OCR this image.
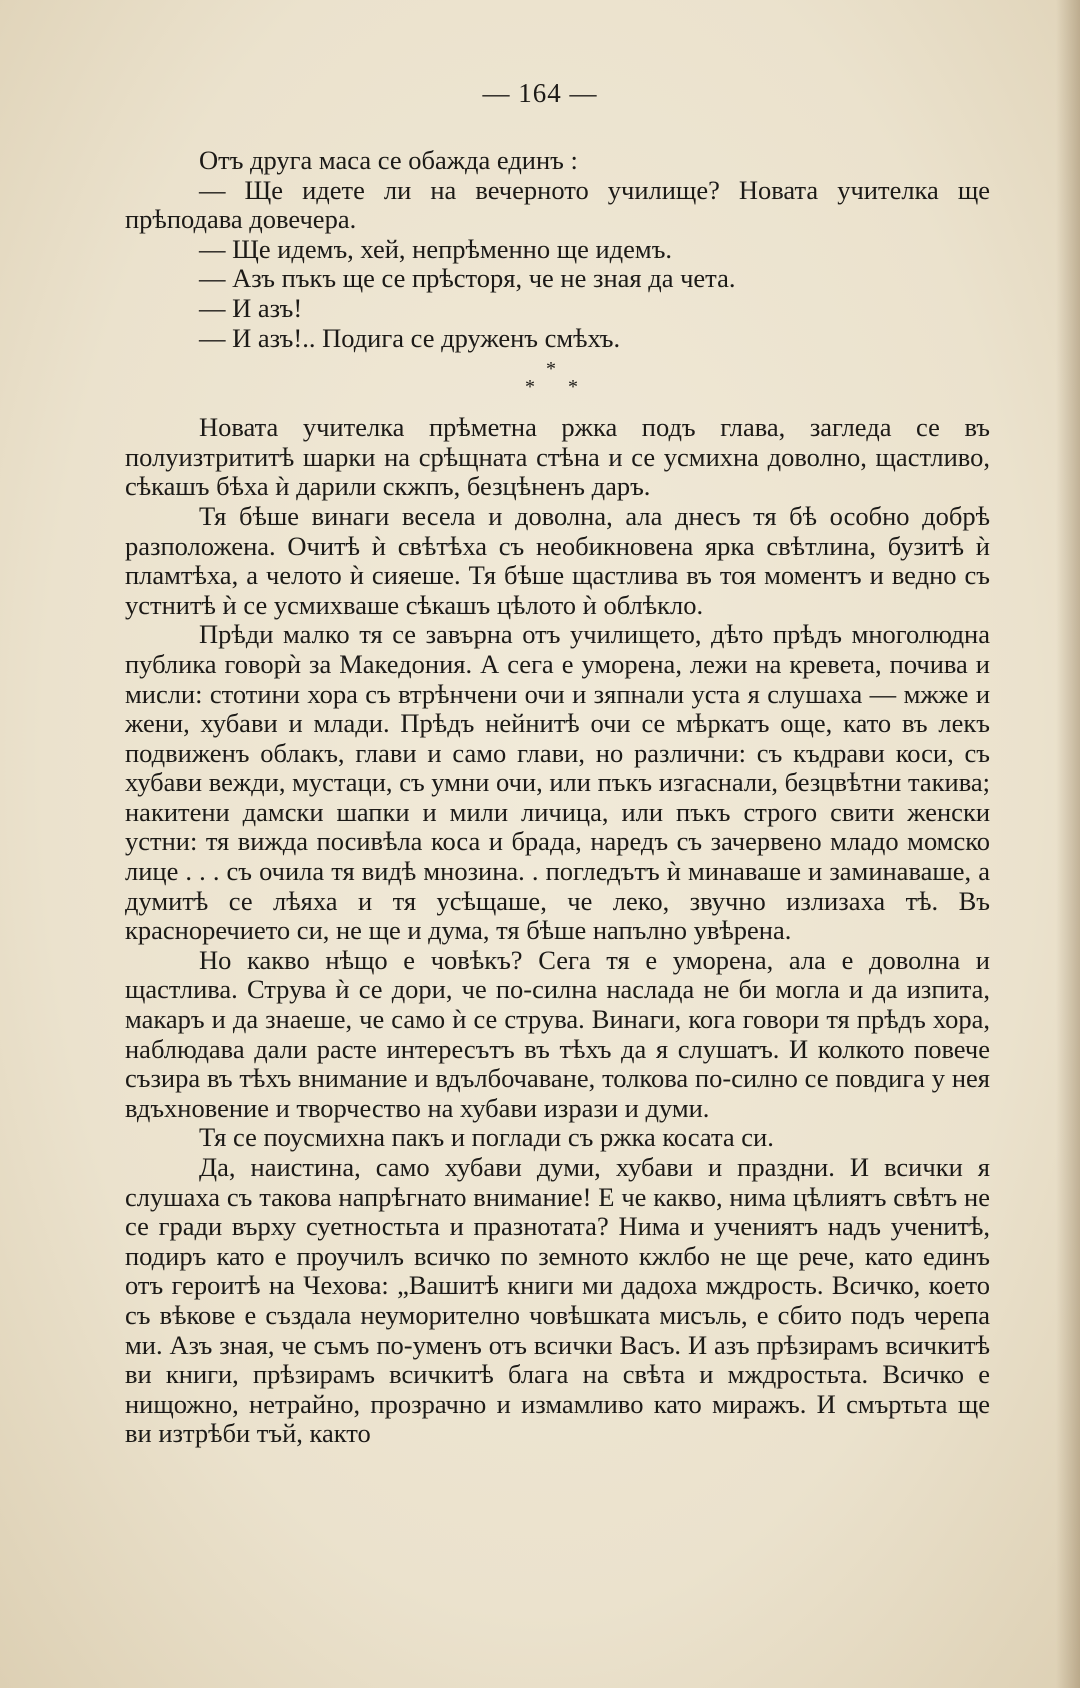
— 164 —

Отъ друга маса се обажда единъ :

— Ще идете ли на вечерното училище? Новата учителка ще прѣподава довечера.

— Ще идемъ, хей, непрѣменно ще идемъ.

— Азъ пъкъ ще се прѣсторя, че не зная да чета.

— И азъ!

— И азъ!.. Подига се друженъ смѣхъ.

*
* *

Новата учителка прѣметна ржка подъ глава, загледа се въ полуизтрититѣ шарки на срѣщната стѣна и се усмихна доволно, щастливо, сѣкашъ бѣха ѝ дарили скжпъ, безцѣненъ даръ.

Тя бѣше винаги весела и доволна, ала днесъ тя бѣ особно добрѣ разположена. Очитѣ ѝ свѣтѣха съ необикновена ярка свѣтлина, бузитѣ ѝ пламтѣха, а челото ѝ сияеше. Тя бѣше щастлива въ тоя моментъ и ведно съ устнитѣ ѝ се усмихваше сѣкашъ цѣлото ѝ облѣкло.

Прѣди малко тя се завърна отъ училището, дѣто прѣдъ многолюдна публика говорѝ за Македония. А сега е уморена, лежи на кревета, почива и мисли: стотини хора съ втрѣнчени очи и зяпнали уста я слушаха — мжже и жени, хубави и млади. Прѣдъ нейнитѣ очи се мѣркатъ още, като въ лекъ подвиженъ облакъ, глави и само глави, но различни: съ къдрави коси, съ хубави вежди, мустаци, съ умни очи, или пъкъ изгаснали, безцвѣтни такива; накитени дамски шапки и мили личица, или пъкъ строго свити женски устни: тя вижда посивѣла коса и брада, наредъ съ зачервено младо момско лице . . . съ очила тя видѣ мнозина. . погледътъ ѝ минаваше и заминаваше, а думитѣ се лѣяха и тя усѣщаше, че леко, звучно излизаха тѣ. Въ красноречието си, не ще и дума, тя бѣше напълно увѣрена.

Но какво нѣщо е човѣкъ? Сега тя е уморена, ала е доволна и щастлива. Струва ѝ се дори, че по-силна наслада не би могла и да изпита, макаръ и да знаеше, че само ѝ се струва. Винаги, кога говори тя прѣдъ хора, наблюдава дали расте интересътъ въ тѣхъ да я слушатъ. И колкото повече съзира въ тѣхъ внимание и вдълбочаване, толкова по-силно се повдига у нея вдъхновение и творчество на хубави изрази и думи.

Тя се поусмихна пакъ и поглади съ ржка косата си.

Да, наистина, само хубави думи, хубави и праздни. И всички я слушаха съ такова напрѣгнато внимание! Е че какво, нима цѣлиятъ свѣтъ не се гради върху суетностьта и празнотата? Нима и учениятъ надъ ученитѣ, подиръ като е проучилъ всичко по земното кжлбо не ще рече, като единъ отъ героитѣ на Чехова: „Вашитѣ книги ми дадоха мждрость. Всичко, което съ вѣкове е създала неуморително човѣшката мисъль, е сбито подъ черепа ми. Азъ зная, че съмъ по-уменъ отъ всички Васъ. И азъ прѣзирамъ всичкитѣ ви книги, прѣзирамъ всичкитѣ блага на свѣта и мждростьта. Всичко е нищожно, нетрайно, прозрачно и измамливо като миражъ. И смъртьта ще ви изтрѣби тъй, както
